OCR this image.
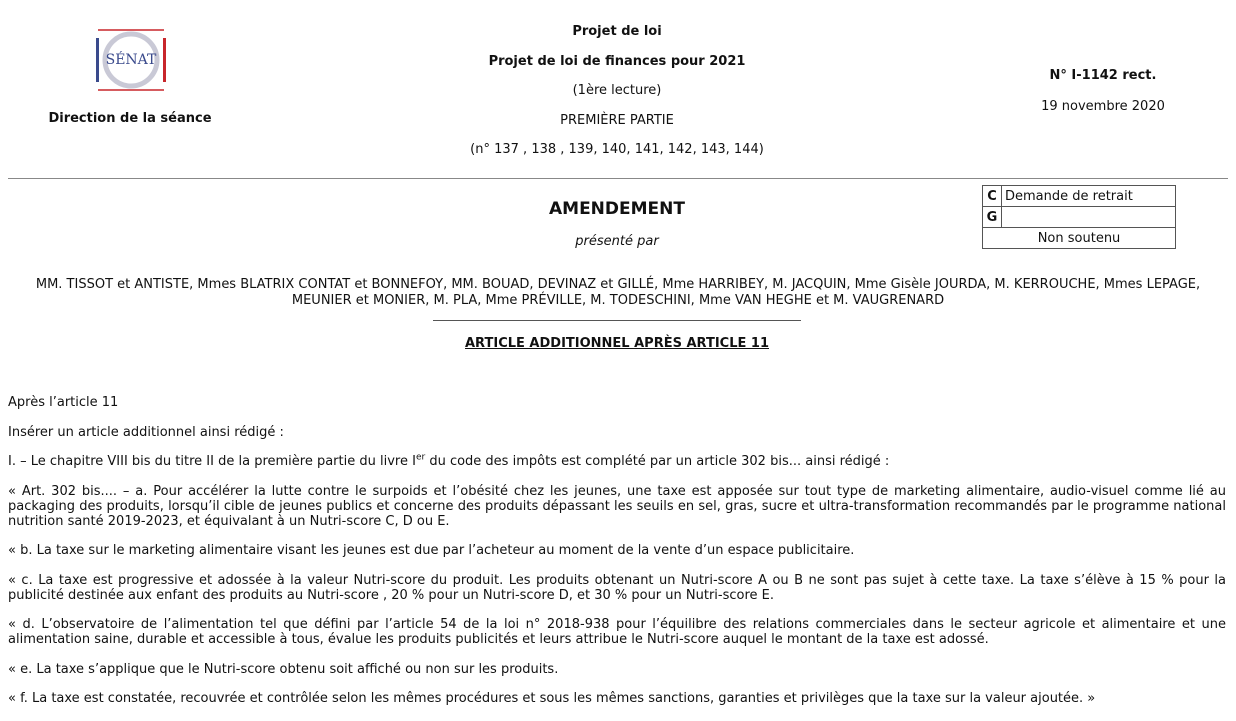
SÉNAT
Direction de la séance
Projet de loi
Projet de loi de finances pour 2021
(1ère lecture)
PREMIÈRE PARTIE
(n° 137 , 138 , 139, 140, 141, 142, 143, 144)
N° I-1142 rect.
19 novembre 2020
AMENDEMENT
présenté par
C	Demande de retrait
G	
Non soutenu	
MM. TISSOT et ANTISTE, Mmes BLATRIX CONTAT et BONNEFOY, MM. BOUAD, DEVINAZ et GILLÉ, Mme HARRIBEY, M. JACQUIN, Mme Gisèle JOURDA, M. KERROUCHE, Mmes LEPAGE, MEUNIER et MONIER, M. PLA, Mme PRÉVILLE, M. TODESCHINI, Mme VAN HEGHE et M. VAUGRENARD
ARTICLE ADDITIONNEL APRÈS ARTICLE 11

Après l’article 11

Insérer un article additionnel ainsi rédigé :

I. – Le chapitre VIII bis du titre II de la première partie du livre Ier du code des impôts est complété par un article 302 bis... ainsi rédigé :

« Art. 302 bis.... – a. Pour accélérer la lutte contre le surpoids et l’obésité chez les jeunes, une taxe est apposée sur tout type de marketing alimentaire, audio-visuel comme lié au packaging des produits, lorsqu’il cible de jeunes publics et concerne des produits dépassant les seuils en sel, gras, sucre et ultra-transformation recommandés par le programme national nutrition santé 2019-2023, et équivalant à un Nutri-score C, D ou E.

« b. La taxe sur le marketing alimentaire visant les jeunes est due par l’acheteur au moment de la vente d’un espace publicitaire.

« c. La taxe est progressive et adossée à la valeur Nutri-score du produit. Les produits obtenant un Nutri-score A ou B ne sont pas sujet à cette taxe. La taxe s’élève à 15 % pour la publicité destinée aux enfant des produits au Nutri-score , 20 % pour un Nutri-score D, et 30 % pour un Nutri-score E.

« d. L’observatoire de l’alimentation tel que défini par l’article 54 de la loi n° 2018-938 pour l’équilibre des relations commerciales dans le secteur agricole et alimentaire et une alimentation saine, durable et accessible à tous, évalue les produits publicités et leurs attribue le Nutri-score auquel le montant de la taxe est adossé.

« e. La taxe s’applique que le Nutri-score obtenu soit affiché ou non sur les produits.

« f. La taxe est constatée, recouvrée et contrôlée selon les mêmes procédures et sous les mêmes sanctions, garanties et privilèges que la taxe sur la valeur ajoutée. »
